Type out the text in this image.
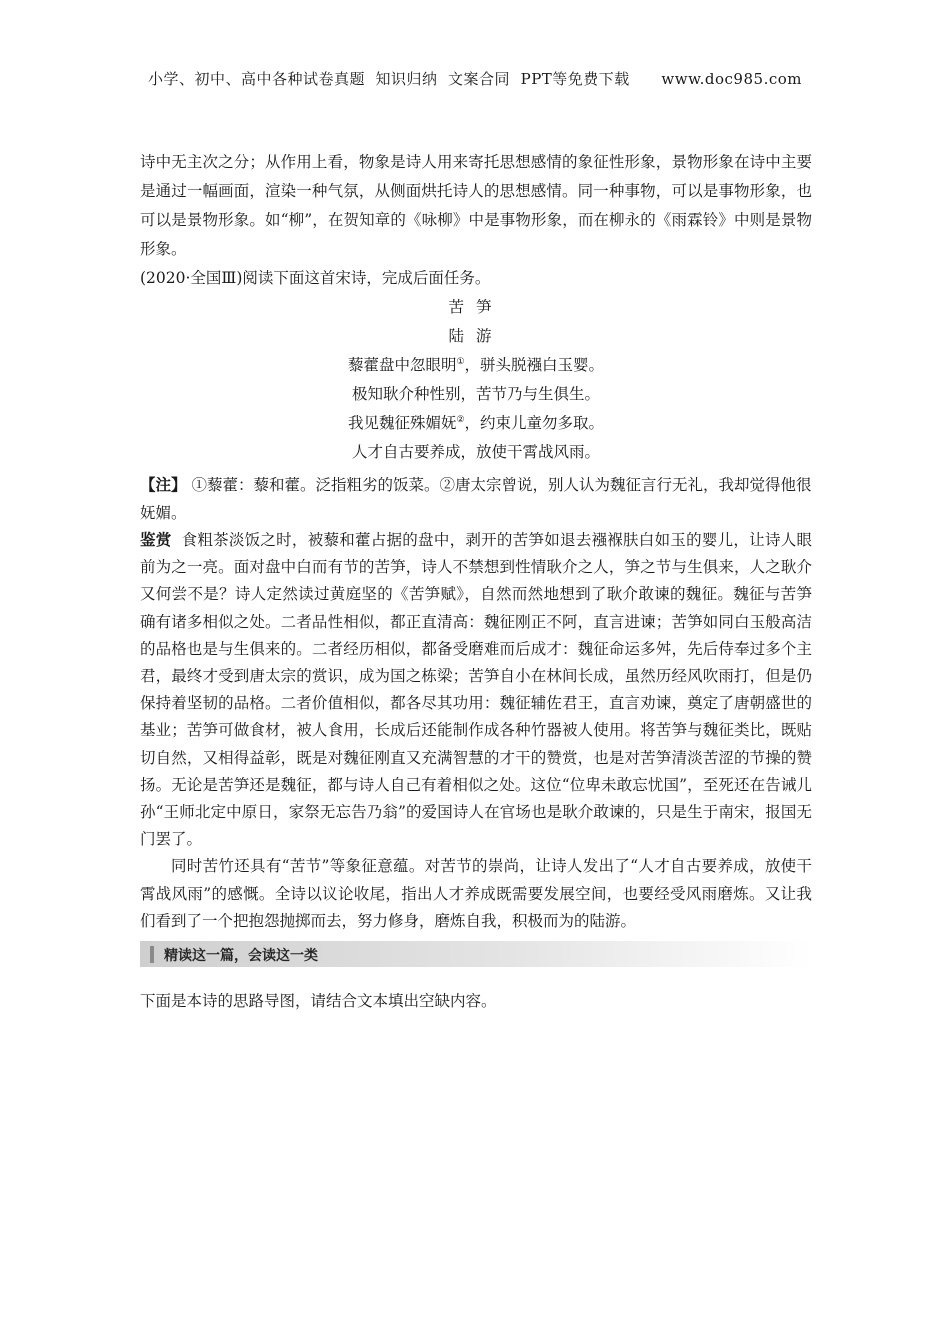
小学、初中、高中各种试卷真题  知识归纳  文案合同  PPT等免费下载      www.doc985.com
诗中无主次之分；从作用上看，物象是诗人用来寄托思想感情的象征性形象，景物形象在诗中主要是通过一幅画面，渲染一种气氛，从侧面烘托诗人的思想感情。同一种事物，可以是事物形象，也可以是景物形象。如“柳”，在贺知章的《咏柳》中是事物形象，而在柳永的《雨霖铃》中则是景物形象。
(2020·全国Ⅲ)阅读下面这首宋诗，完成后面任务。
苦笋
陆游
藜藿盘中忽眼明①，骈头脱襁白玉婴。
极知耿介种性别，苦节乃与生俱生。
我见魏征殊媚妩②，约束儿童勿多取。
人才自古要养成，放使干霄战风雨。
【注】 ①藜藿：藜和藿。泛指粗劣的饭菜。②唐太宗曾说，别人认为魏征言行无礼，我却觉得他很妩媚。
鉴赏 食粗茶淡饭之时，被藜和藿占据的盘中，剥开的苦笋如退去襁褓肤白如玉的婴儿，让诗人眼前为之一亮。面对盘中白而有节的苦笋，诗人不禁想到性情耿介之人，笋之节与生俱来，人之耿介又何尝不是？诗人定然读过黄庭坚的《苦笋赋》，自然而然地想到了耿介敢谏的魏征。魏征与苦笋确有诸多相似之处。二者品性相似，都正直清高：魏征刚正不阿，直言进谏；苦笋如同白玉般高洁的品格也是与生俱来的。二者经历相似，都备受磨难而后成才：魏征命运多舛，先后侍奉过多个主君，最终才受到唐太宗的赏识，成为国之栋梁；苦笋自小在林间长成，虽然历经风吹雨打，但是仍保持着坚韧的品格。二者价值相似，都各尽其功用：魏征辅佐君王，直言劝谏，奠定了唐朝盛世的基业；苦笋可做食材，被人食用，长成后还能制作成各种竹器被人使用。将苦笋与魏征类比，既贴切自然，又相得益彰，既是对魏征刚直又充满智慧的才干的赞赏，也是对苦笋清淡苦涩的节操的赞扬。无论是苦笋还是魏征，都与诗人自己有着相似之处。这位“位卑未敢忘忧国”，至死还在告诫儿孙“王师北定中原日，家祭无忘告乃翁”的爱国诗人在官场也是耿介敢谏的，只是生于南宋，报国无门罢了。
同时苦竹还具有“苦节”等象征意蕴。对苦节的崇尚，让诗人发出了“人才自古要养成，放使干霄战风雨”的感慨。全诗以议论收尾，指出人才养成既需要发展空间，也要经受风雨磨炼。又让我们看到了一个把抱怨抛掷而去，努力修身，磨炼自我，积极而为的陆游。
精读这一篇，会读这一类
下面是本诗的思路导图，请结合文本填出空缺内容。
